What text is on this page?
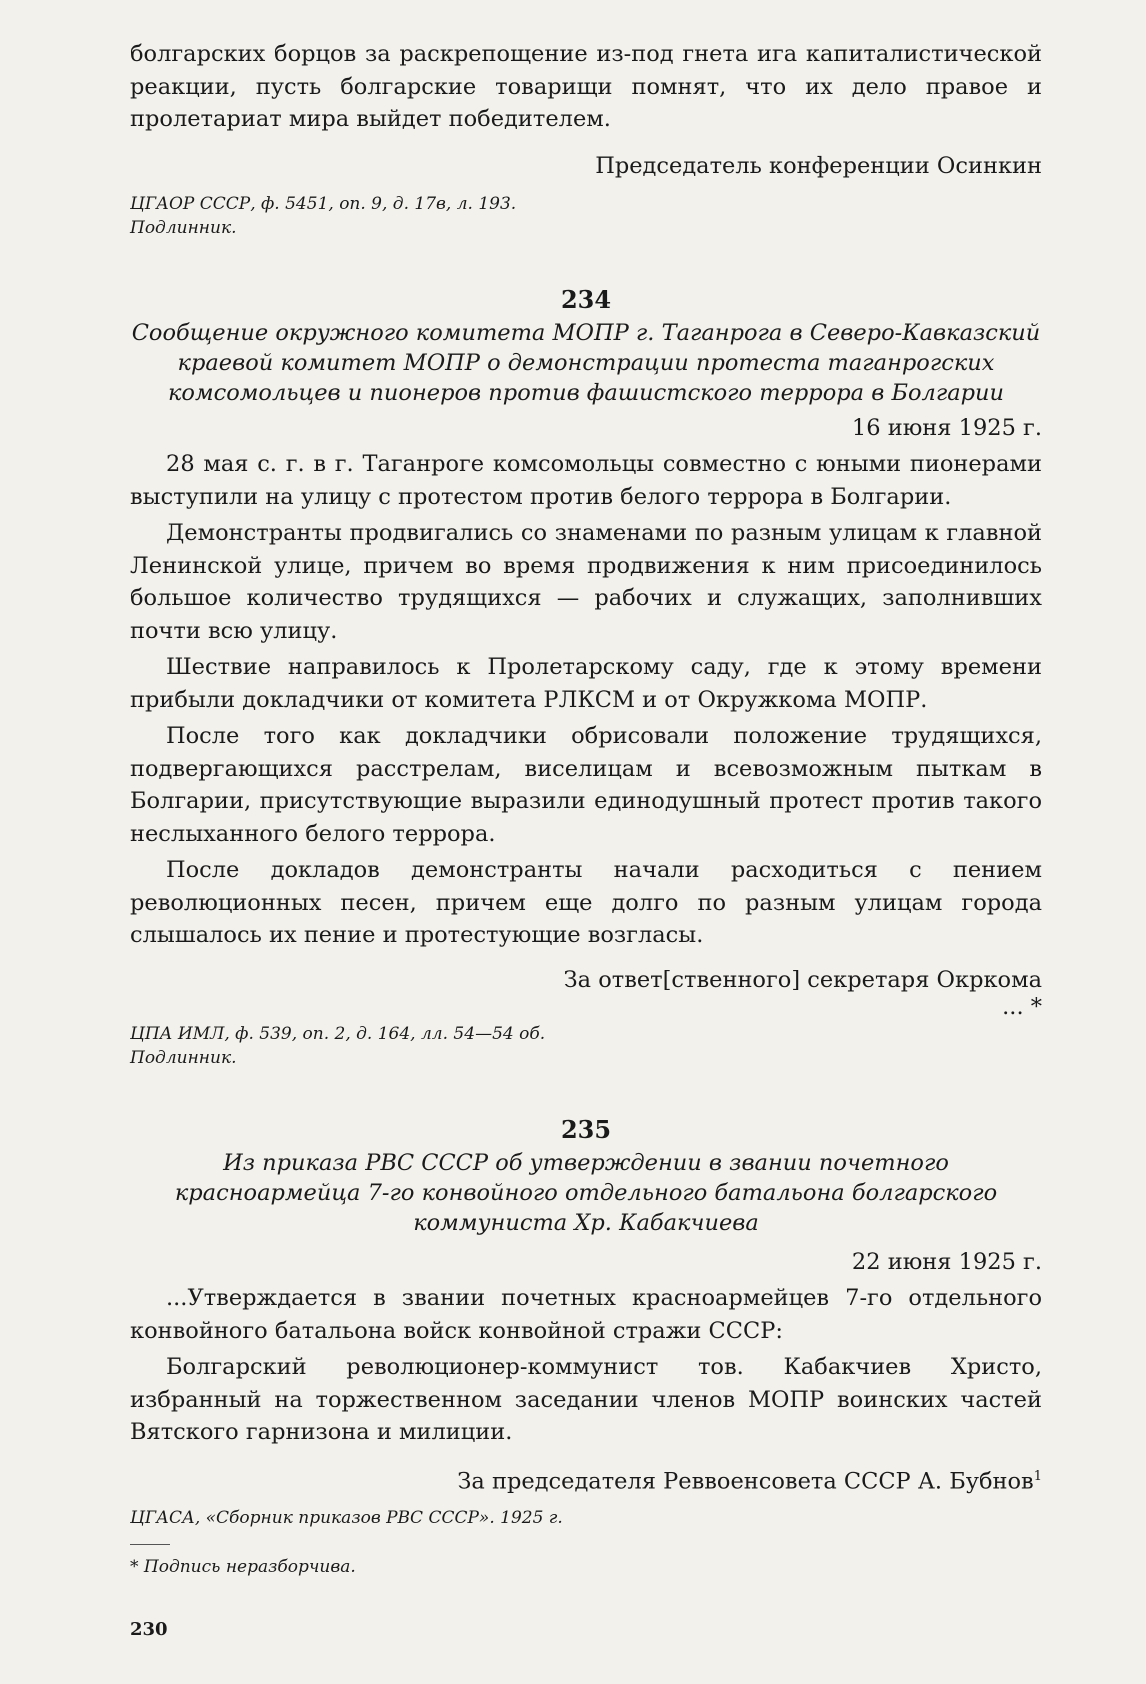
болгарских борцов за раскрепощение из-под гнета ига капиталистической реакции, пусть болгарские товарищи помнят, что их дело правое и пролетариат мира выйдет победителем.

Председатель конференции Осинкин

ЦГАОР СССР, ф. 5451, оп. 9, д. 17в, л. 193.

Подлинник.

234

Сообщение окружного комитета МОПР г. Таганрога в Северо-Кавказский краевой комитет МОПР о демонстрации протеста таганрогских комсомольцев и пионеров против фашистского террора в Болгарии

16 июня 1925 г.

28 мая с. г. в г. Таганроге комсомольцы совместно с юными пионерами выступили на улицу с протестом против белого террора в Болгарии.

Демонстранты продвигались со знаменами по разным улицам к главной Ленинской улице, причем во время продвижения к ним присоединилось большое количество трудящихся — рабочих и служащих, заполнивших почти всю улицу.

Шествие направилось к Пролетарскому саду, где к этому времени прибыли докладчики от комитета РЛКСМ и от Окружкома МОПР.

После того как докладчики обрисовали положение трудящихся, подвергающихся расстрелам, виселицам и всевозможным пыткам в Болгарии, присутствующие выразили единодушный протест против такого неслыханного белого террора.

После докладов демонстранты начали расходиться с пением революционных песен, причем еще долго по разным улицам города слышалось их пение и протестующие возгласы.

За ответ[ственного] секретаря Окркома

... *

ЦПА ИМЛ, ф. 539, оп. 2, д. 164, лл. 54—54 об.

Подлинник.

235

Из приказа РВС СССР об утверждении в звании почетного красноармейца 7-го конвойного отдельного батальона болгарского коммуниста Хр. Кабакчиева

22 июня 1925 г.

...Утверждается в звании почетных красноармейцев 7-го отдельного конвойного батальона войск конвойной стражи СССР:

Болгарский революционер-коммунист тов. Кабакчиев Христо, избранный на торжественном заседании членов МОПР воинских частей Вятского гарнизона и милиции.

За председателя Реввоенсовета СССР А. Бубнов$^1$

ЦГАСА, «Сборник приказов РВС СССР». 1925 г.

* Подпись неразборчива.

230
